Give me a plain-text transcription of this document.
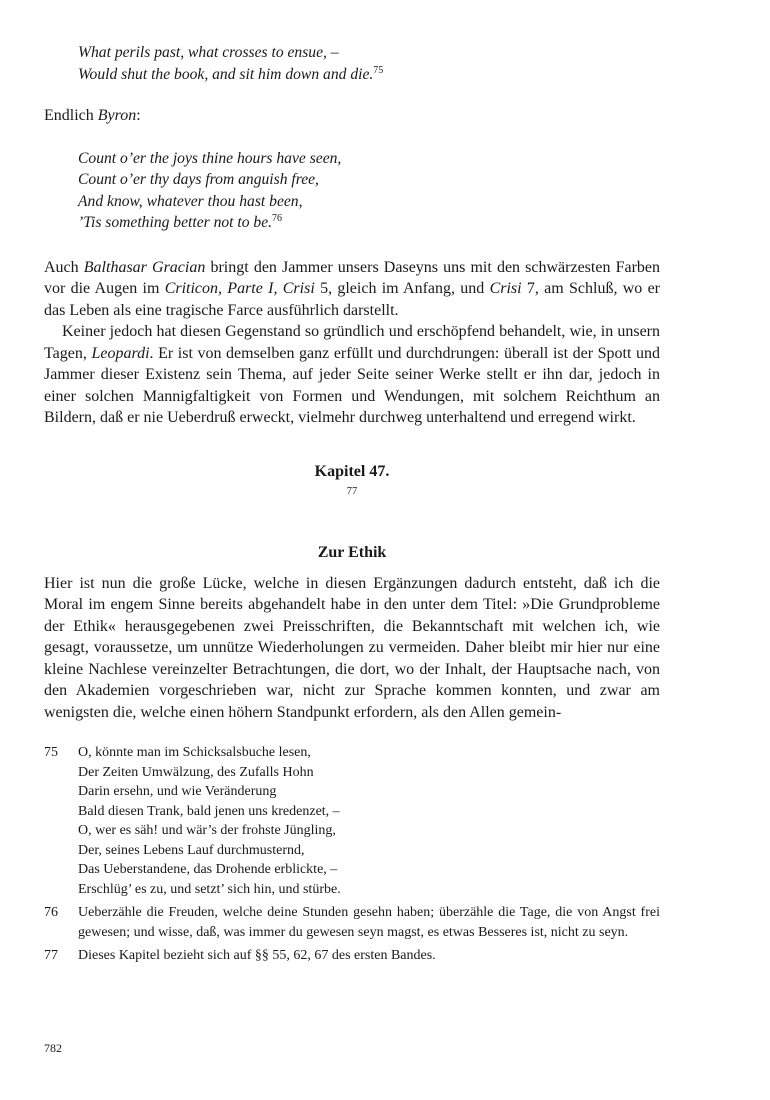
What perils past, what crosses to ensue, –
Would shut the book, and sit him down and die.$^{75}$

Endlich Byron:

Count o’er the joys thine hours have seen,
Count o’er thy days from anguish free,
And know, whatever thou hast been,
’Tis something better not to be.$^{76}$

Auch Balthasar Gracian bringt den Jammer unsers Daseyns uns mit den schwärzesten Farben vor die Augen im Criticon, Parte I, Crisi 5, gleich im Anfang, und Crisi 7, am Schluß, wo er das Leben als eine tragische Farce ausführlich darstellt.

Keiner jedoch hat diesen Gegenstand so gründlich und erschöpfend behandelt, wie, in unsern Tagen, Leopardi. Er ist von demselben ganz erfüllt und durchdrungen: überall ist der Spott und Jammer dieser Existenz sein Thema, auf jeder Seite seiner Werke stellt er ihn dar, jedoch in einer solchen Mannigfaltigkeit von Formen und Wendungen, mit solchem Reichthum an Bildern, daß er nie Ueberdruß erweckt, vielmehr durchweg unterhaltend und erregend wirkt.

Kapitel 47.
77
Zur Ethik

Hier ist nun die große Lücke, welche in diesen Ergänzungen dadurch entsteht, daß ich die Moral im engem Sinne bereits abgehandelt habe in den unter dem Titel: »Die Grundprobleme der Ethik« herausgegebenen zwei Preisschriften, die Bekanntschaft mit welchen ich, wie gesagt, voraussetze, um unnütze Wiederholungen zu vermeiden. Daher bleibt mir hier nur eine kleine Nachlese vereinzelter Betrachtungen, die dort, wo der Inhalt, der Hauptsache nach, von den Akademien vorgeschrieben war, nicht zur Sprache kommen konnten, und zwar am wenigsten die, welche einen höhern Standpunkt erfordern, als den Allen gemein-

75	O, könnte man im Schicksalsbuche lesen,
Der Zeiten Umwälzung, des Zufalls Hohn
Darin ersehn, und wie Veränderung
Bald diesen Trank, bald jenen uns kredenzet, –
O, wer es säh! und wär’s der frohste Jüngling,
Der, seines Lebens Lauf durchmusternd,
Das Ueberstandene, das Drohende erblickte, –
Erschlüg’ es zu, und setzt’ sich hin, und stürbe.
76	Ueberzähle die Freuden, welche deine Stunden gesehn haben; überzähle die Tage, die von Angst frei gewesen; und wisse, daß, was immer du gewesen seyn magst, es etwas Besseres ist, nicht zu seyn.
77	Dieses Kapitel bezieht sich auf §§ 55, 62, 67 des ersten Bandes.
782
